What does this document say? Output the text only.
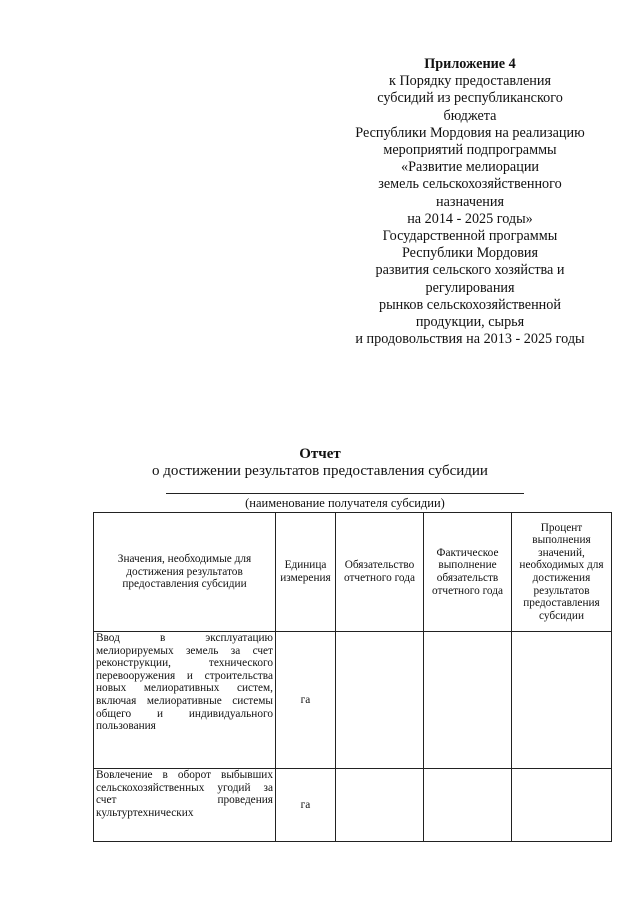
Приложение 4
к Порядку предоставления
субсидий из республиканского
бюджета
Республики Мордовия на реализацию
мероприятий подпрограммы
«Развитие мелиорации
земель сельскохозяйственного
назначения
на 2014 - 2025 годы»
Государственной программы
Республики Мордовия
развития сельского хозяйства и
регулирования
рынков сельскохозяйственной
продукции, сырья
и продовольствия на 2013 - 2025 годы
Отчет
о достижении результатов предоставления субсидии
(наименование получателя субсидии)
Значения, необходимые для достижения результатов предоставления субсидии	Единица измерения	Обязательство отчетного года	Фактическое выполнение обязательств отчетного года	Процент выполнения значений, необходимых для достижения результатов предоставления субсидии
Ввод в эксплуатацию мелиорируемых земель за счет реконструкции, технического перевооружения и строительства новых мелиоративных систем, включая мелиоративные системы общего и индивидуального пользования	га			
Вовлечение в оборот выбывших сельскохозяйственных угодий за счет проведения культуртехнических	га			
